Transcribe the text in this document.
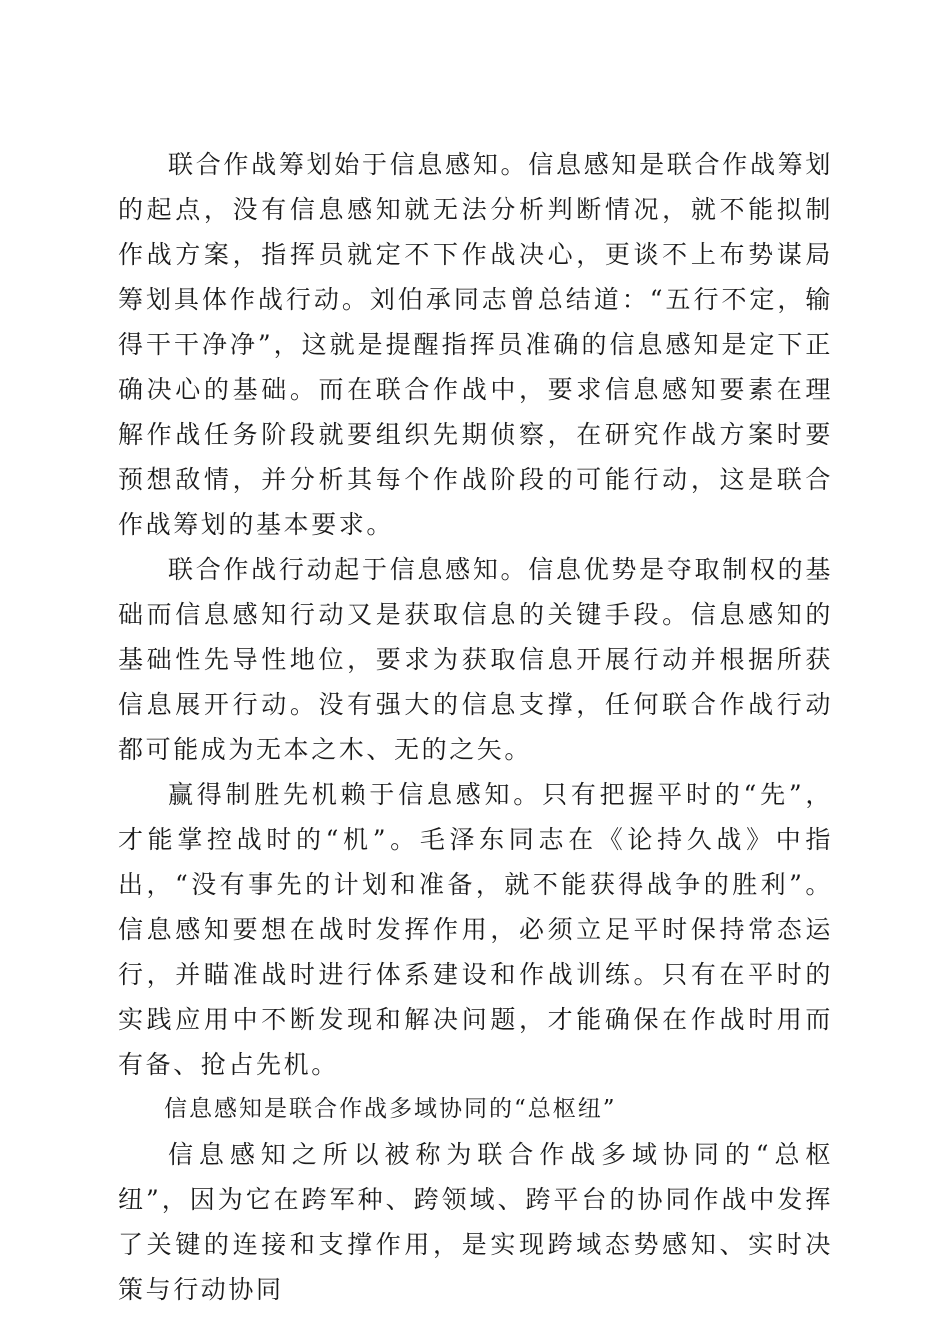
联合作战筹划始于信息感知。信息感知是联合作战筹划的起点，没有信息感知就无法分析判断情况，就不能拟制作战方案，指挥员就定不下作战决心，更谈不上布势谋局筹划具体作战行动。刘伯承同志曾总结道：“五行不定，输得干干净净”，这就是提醒指挥员准确的信息感知是定下正确决心的基础。而在联合作战中，要求信息感知要素在理解作战任务阶段就要组织先期侦察，在研究作战方案时要预想敌情，并分析其每个作战阶段的可能行动，这是联合作战筹划的基本要求。

联合作战行动起于信息感知。信息优势是夺取制权的基础而信息感知行动又是获取信息的关键手段。信息感知的基础性先导性地位，要求为获取信息开展行动并根据所获信息展开行动。没有强大的信息支撑，任何联合作战行动都可能成为无本之木、无的之矢。

赢得制胜先机赖于信息感知。只有把握平时的“先”，才能掌控战时的“机”。毛泽东同志在《论持久战》中指出，“没有事先的计划和准备，就不能获得战争的胜利”。信息感知要想在战时发挥作用，必须立足平时保持常态运行，并瞄准战时进行体系建设和作战训练。只有在平时的实践应用中不断发现和解决问题，才能确保在作战时用而有备、抢占先机。

信息感知是联合作战多域协同的“总枢纽”

信息感知之所以被称为联合作战多域协同的“总枢纽”，因为它在跨军种、跨领域、跨平台的协同作战中发挥了关键的连接和支撑作用，是实现跨域态势感知、实时决策与行动协同
